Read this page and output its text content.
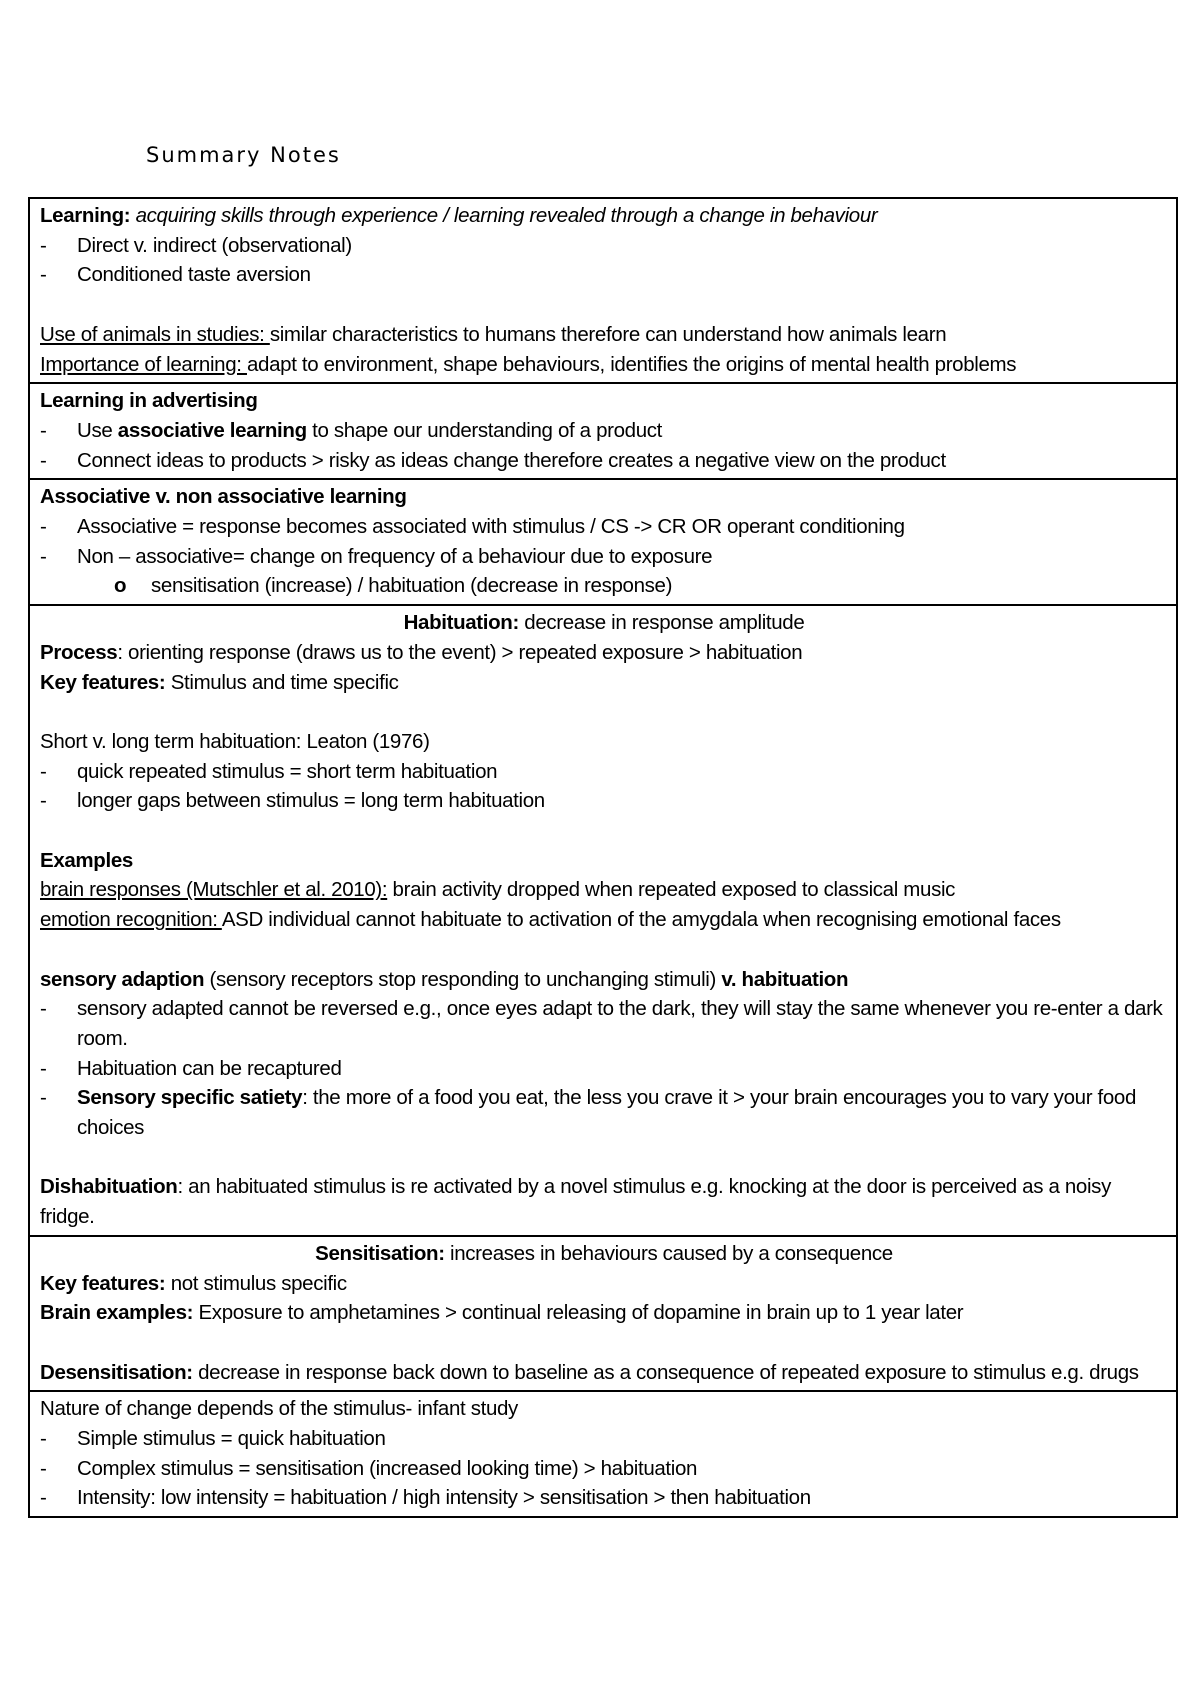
Summary Notes

Learning: acquiring skills through experience / learning revealed through a change in behaviour

-	Direct v. indirect (observational)
-	Conditioned taste aversion

Use of animals in studies: similar characteristics to humans therefore can understand how animals learn

Importance of learning: adapt to environment, shape behaviours, identifies the origins of mental health problems

Learning in advertising

-	Use associative learning to shape our understanding of a product
-	Connect ideas to products > risky as ideas change therefore creates a negative view on the product

Associative v. non associative learning

-	Associative = response becomes associated with stimulus / CS -> CR OR operant conditioning
-	Non – associative= change on frequency of a behaviour due to exposure
o	sensitisation (increase) / habituation (decrease in response)

Habituation: decrease in response amplitude

Process: orienting response (draws us to the event) > repeated exposure > habituation

Key features: Stimulus and time specific

Short v. long term habituation: Leaton (1976)

-	quick repeated stimulus = short term habituation
-	longer gaps between stimulus = long term habituation

Examples

brain responses (Mutschler et al. 2010): brain activity dropped when repeated exposed to classical music

emotion recognition: ASD individual cannot habituate to activation of the amygdala when recognising emotional faces

sensory adaption (sensory receptors stop responding to unchanging stimuli) v. habituation

-	sensory adapted cannot be reversed e.g., once eyes adapt to the dark, they will stay the same whenever you re-enter a dark room.
-	Habituation can be recaptured
-	Sensory specific satiety: the more of a food you eat, the less you crave it > your brain encourages you to vary your food choices

Dishabituation: an habituated stimulus is re activated by a novel stimulus e.g. knocking at the door is perceived as a noisy fridge.

Sensitisation: increases in behaviours caused by a consequence

Key features: not stimulus specific

Brain examples: Exposure to amphetamines > continual releasing of dopamine in brain up to 1 year later

Desensitisation: decrease in response back down to baseline as a consequence of repeated exposure to stimulus e.g. drugs

Nature of change depends of the stimulus- infant study

-	Simple stimulus = quick habituation
-	Complex stimulus = sensitisation (increased looking time) > habituation
-	Intensity: low intensity = habituation / high intensity > sensitisation > then habituation
